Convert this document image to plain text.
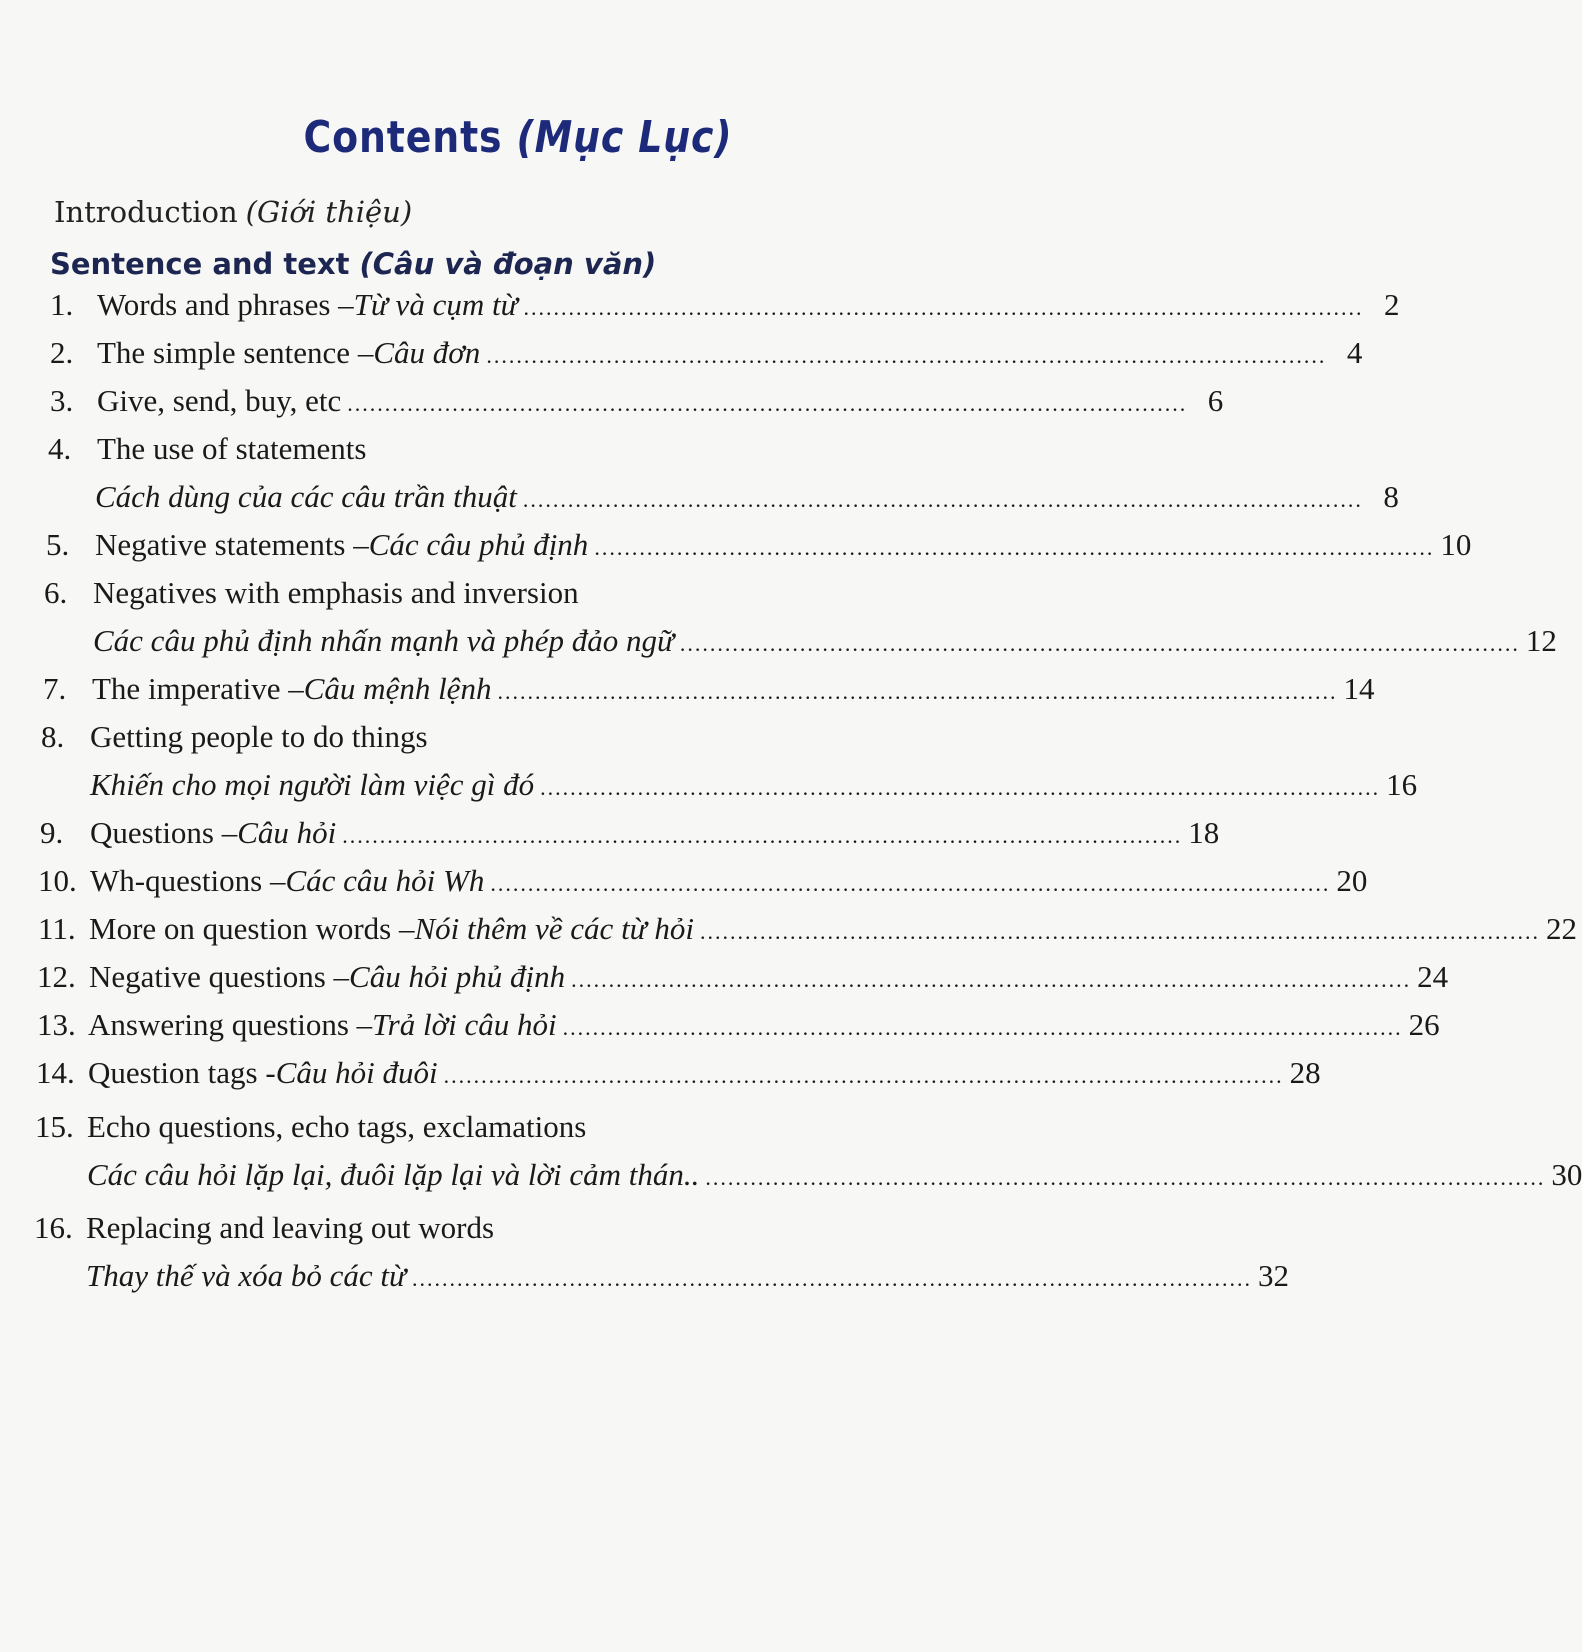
Contents (Mục Lục)
Introduction (Giới thiệu)
Sentence and text (Câu và đoạn văn)
1. Words and phrases – Từ và cụm từ ................................................................................................................ 2
2. The simple sentence – Câu đơn ................................................................................................................ 4
3. Give, send, buy, etc ................................................................................................................ 6
4. The use of statements
Cách dùng của các câu trần thuật ................................................................................................................ 8
5. Negative statements – Các câu phủ định ................................................................................................................ 10
6. Negatives with emphasis and inversion
Các câu phủ định nhấn mạnh và phép đảo ngữ ................................................................................................................ 12
7. The imperative – Câu mệnh lệnh ................................................................................................................ 14
8. Getting people to do things
Khiến cho mọi người làm việc gì đó ................................................................................................................ 16
9. Questions – Câu hỏi ................................................................................................................ 18
10. Wh-questions – Các câu hỏi Wh ................................................................................................................ 20
11. More on question words – Nói thêm về các từ hỏi ................................................................................................................ 22
12. Negative questions – Câu hỏi phủ định ................................................................................................................ 24
13. Answering questions – Trả lời câu hỏi ................................................................................................................ 26
14. Question tags - Câu hỏi đuôi ................................................................................................................ 28
15. Echo questions, echo tags, exclamations
Các câu hỏi lặp lại, đuôi lặp lại và lời cảm thán.. ................................................................................................................ 30
16. Replacing and leaving out words
Thay thế và xóa bỏ các từ ................................................................................................................ 32
